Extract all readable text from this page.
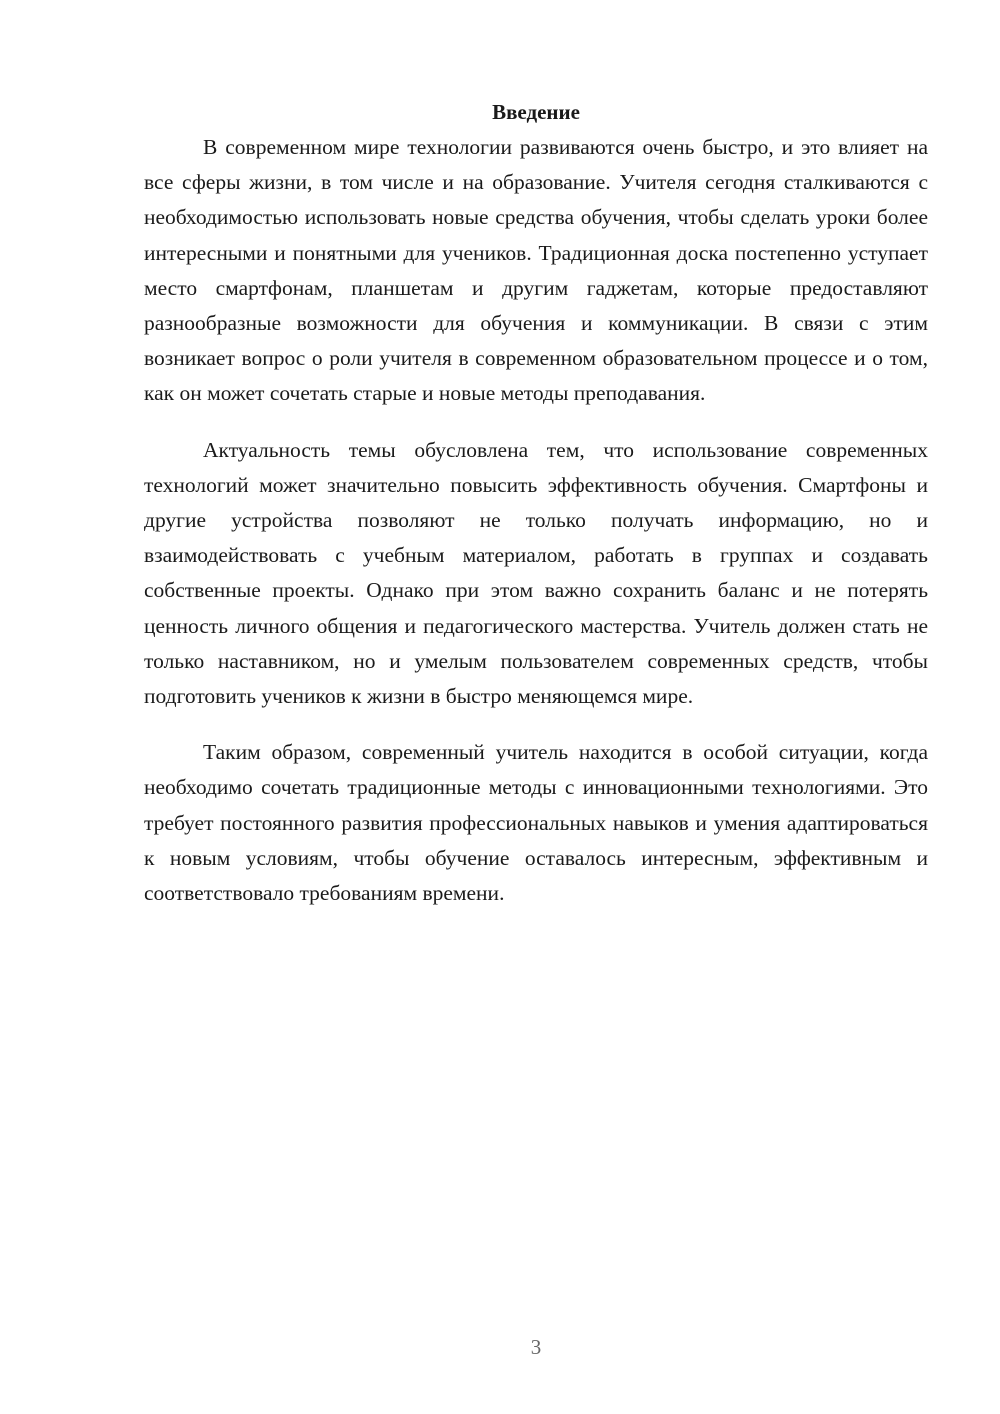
Введение

В современном мире технологии развиваются очень быстро, и это влияет на все сферы жизни, в том числе и на образование. Учителя сегодня сталкиваются с необходимостью использовать новые средства обучения, чтобы сделать уроки более интересными и понятными для учеников. Традиционная доска постепенно уступает место смартфонам, планшетам и другим гаджетам, которые предоставляют разнообразные возможности для обучения и коммуникации. В связи с этим возникает вопрос о роли учителя в современном образовательном процессе и о том, как он может сочетать старые и новые методы преподавания.

Актуальность темы обусловлена тем, что использование современных технологий может значительно повысить эффективность обучения. Смартфоны и другие устройства позволяют не только получать информацию, но и взаимодействовать с учебным материалом, работать в группах и создавать собственные проекты. Однако при этом важно сохранить баланс и не потерять ценность личного общения и педагогического мастерства. Учитель должен стать не только наставником, но и умелым пользователем современных средств, чтобы подготовить учеников к жизни в быстро меняющемся мире.

Таким образом, современный учитель находится в особой ситуации, когда необходимо сочетать традиционные методы с инновационными технологиями. Это требует постоянного развития профессиональных навыков и умения адаптироваться к новым условиям, чтобы обучение оставалось интересным, эффективным и соответствовало требованиям времени.

3
